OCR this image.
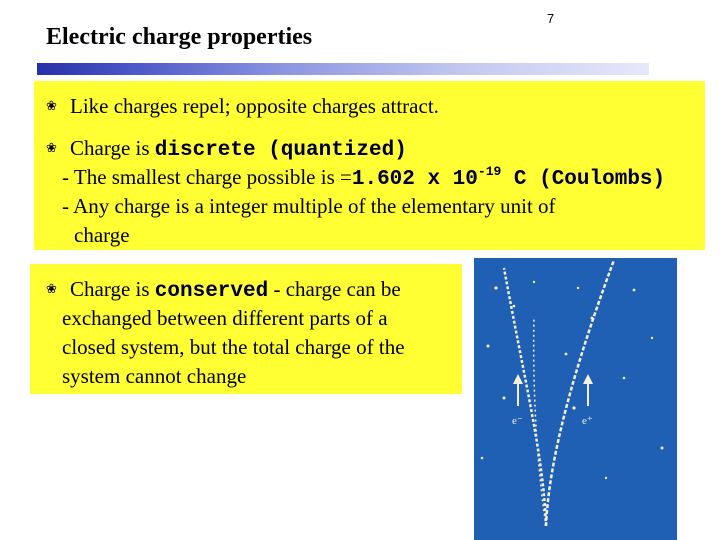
Electric charge properties
7
❀ Like charges repel; opposite charges attract.
❀ Charge is discrete (quantized)
- The smallest charge possible is =1.602 x $10^{-19}$ C (Coulombs)
- Any charge is a integer multiple of the elementary unit of
charge
❀ Charge is conserved - charge can be
exchanged between different parts of a
closed system, but the total charge of the
system cannot change
e⁻	e⁺
